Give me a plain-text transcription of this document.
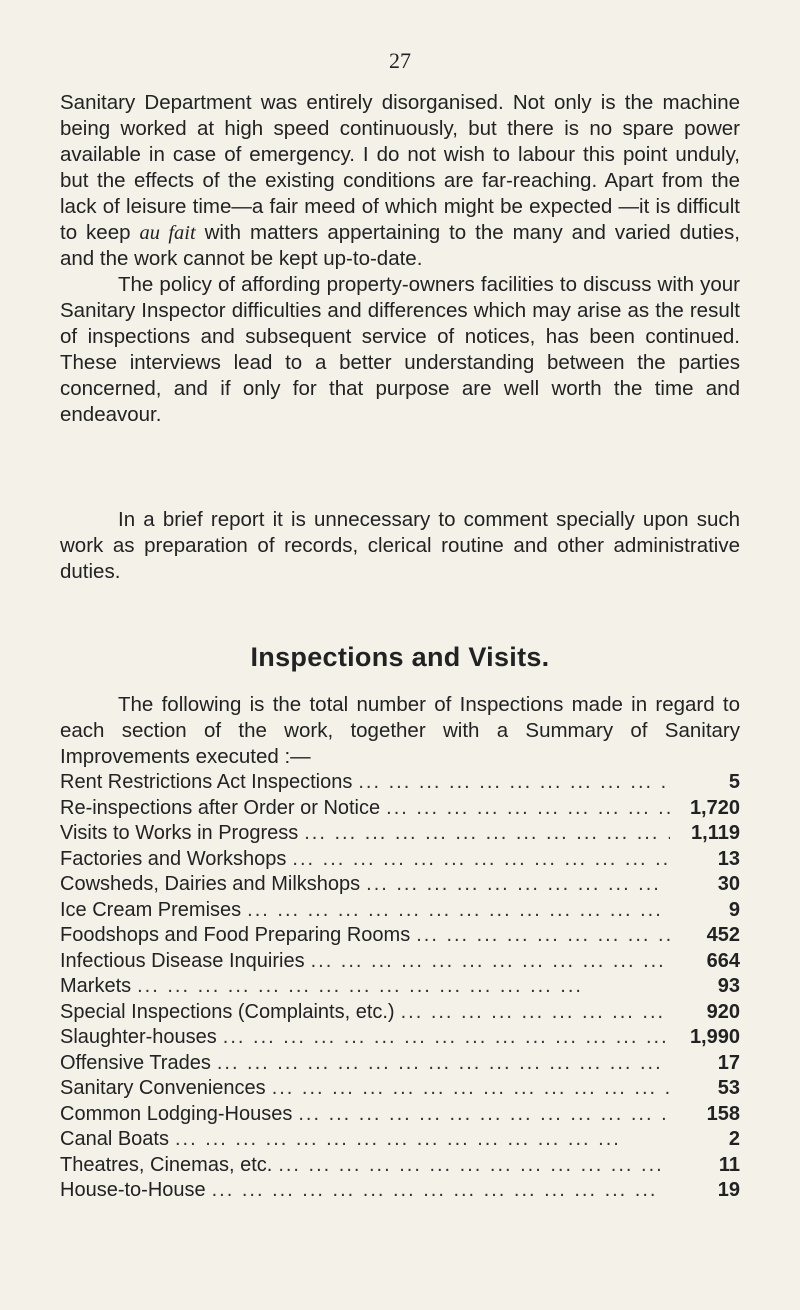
27

Sanitary Department was entirely disorganised. Not only is the machine being worked at high speed continuously, but there is no spare power available in case of emergency. I do not wish to labour this point unduly, but the effects of the existing conditions are far-reaching. Apart from the lack of leisure time—a fair meed of which might be expected —it is difficult to keep au fait with matters appertaining to the many and varied duties, and the work cannot be kept up-to-date.

The policy of affording property-owners facilities to discuss with your Sanitary Inspector difficulties and differences which may arise as the result of inspections and subsequent service of notices, has been continued. These interviews lead to a better understanding between the parties concerned, and if only for that purpose are well worth the time and endeavour.

In a brief report it is unnecessary to comment specially upon such work as preparation of records, clerical routine and other administrative duties.

Inspections and Visits.

The following is the total number of Inspections made in regard to each section of the work, together with a Summary of Sanitary Improvements executed :—

Rent Restrictions Act Inspections ... .	5
Re-inspections after Order or Notice ... .	1,720
Visits to Works in Progress ... .	1,119
Factories and Workshops ... .	13
Cowsheds, Dairies and Milkshops ... .	30
Ice Cream Premises ... .	9
Foodshops and Food Preparing Rooms ... .	452
Infectious Disease Inquiries ... .	664
Markets ... .	93
Special Inspections (Complaints, etc.) ... .	920
Slaughter-houses ... .	1,990
Offensive Trades ... .	17
Sanitary Conveniences ... .	53
Common Lodging-Houses ... .	158
Canal Boats ... .	2
Theatres, Cinemas, etc. ... .	11
House-to-House ... .	19
